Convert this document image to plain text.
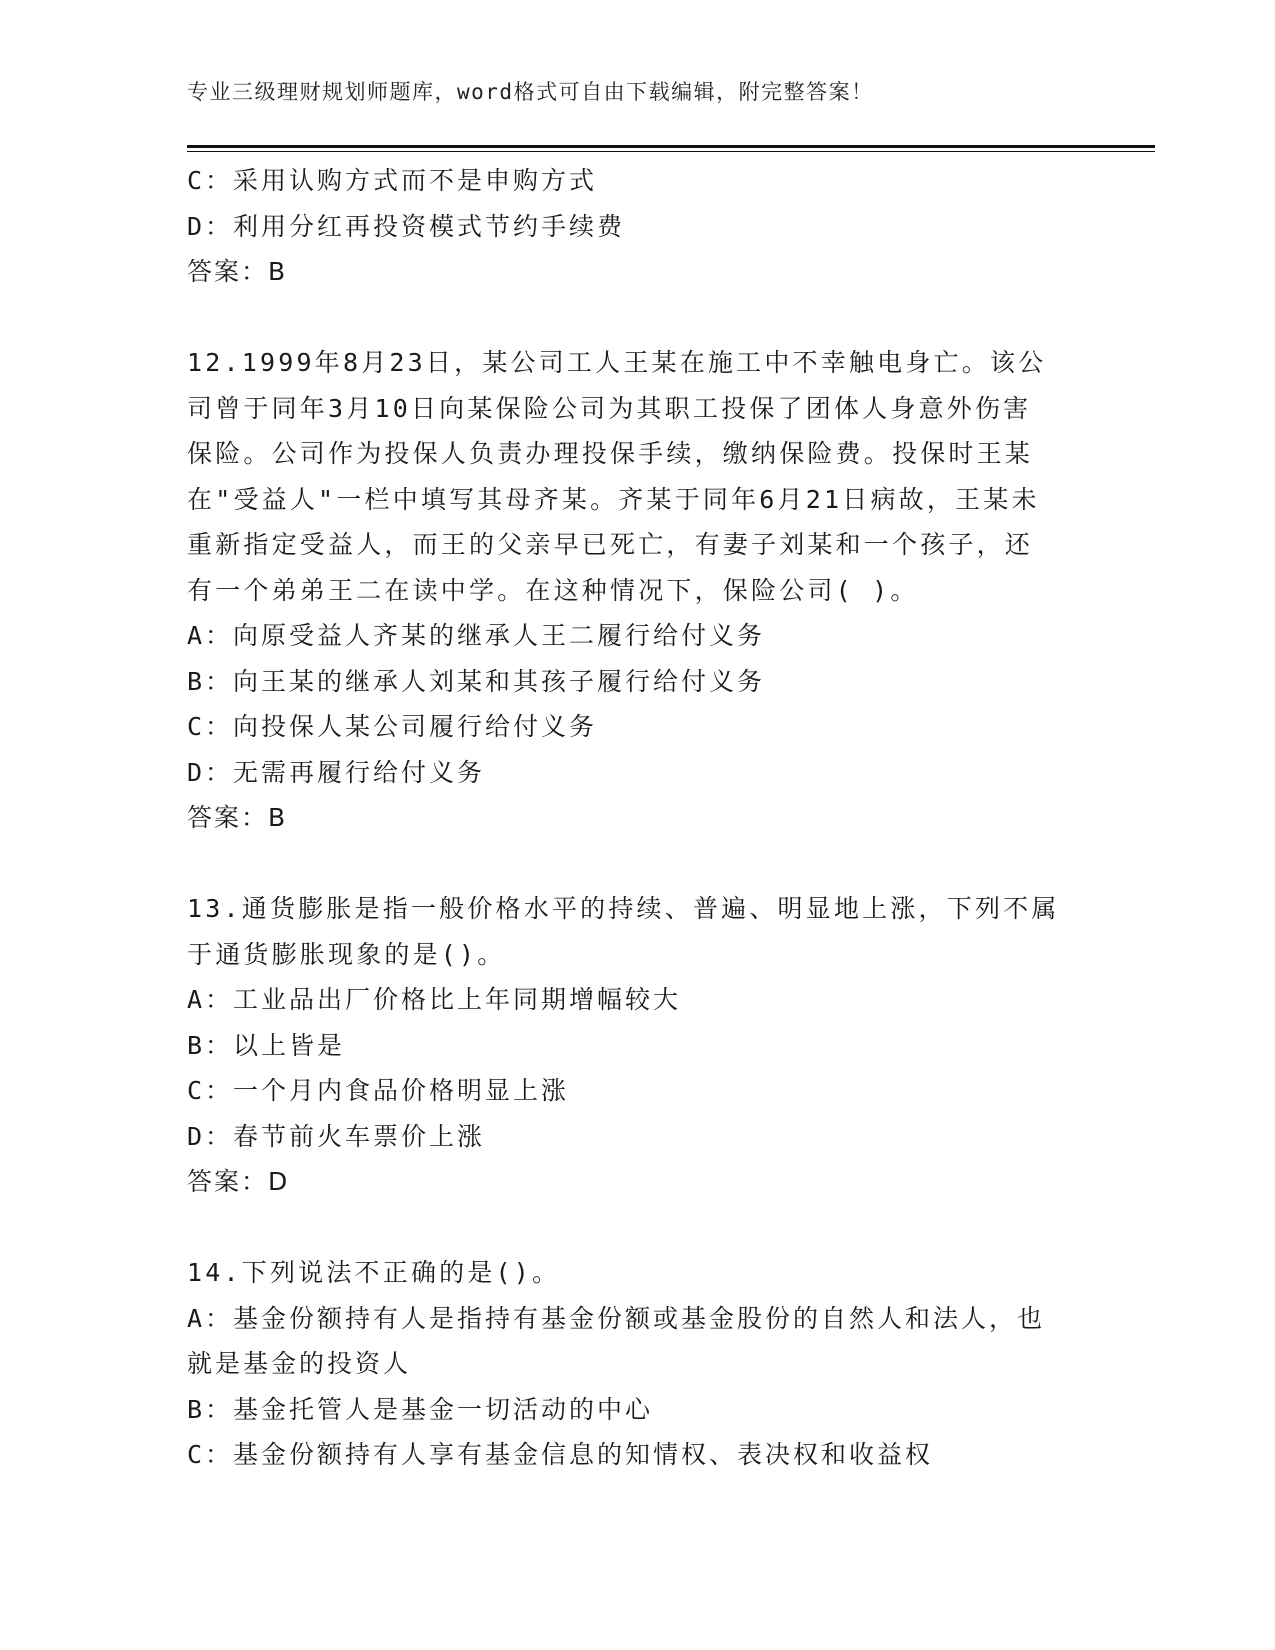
专业三级理财规划师题库，word格式可自由下载编辑，附完整答案！
C：采用认购方式而不是申购方式
D：利用分红再投资模式节约手续费
答案：B
12.1999年8月23日，某公司工人王某在施工中不幸触电身亡。该公
司曾于同年3月10日向某保险公司为其职工投保了团体人身意外伤害
保险。公司作为投保人负责办理投保手续，缴纳保险费。投保时王某
在"受益人"一栏中填写其母齐某。齐某于同年6月21日病故，王某未
重新指定受益人，而王的父亲早已死亡，有妻子刘某和一个孩子，还
有一个弟弟王二在读中学。在这种情况下，保险公司( )。
A：向原受益人齐某的继承人王二履行给付义务
B：向王某的继承人刘某和其孩子履行给付义务
C：向投保人某公司履行给付义务
D：无需再履行给付义务
答案：B
13.通货膨胀是指一般价格水平的持续、普遍、明显地上涨，下列不属
于通货膨胀现象的是()。
A：工业品出厂价格比上年同期增幅较大
B：以上皆是
C：一个月内食品价格明显上涨
D：春节前火车票价上涨
答案：D
14.下列说法不正确的是()。
A：基金份额持有人是指持有基金份额或基金股份的自然人和法人，也
就是基金的投资人
B：基金托管人是基金一切活动的中心
C：基金份额持有人享有基金信息的知情权、表决权和收益权
